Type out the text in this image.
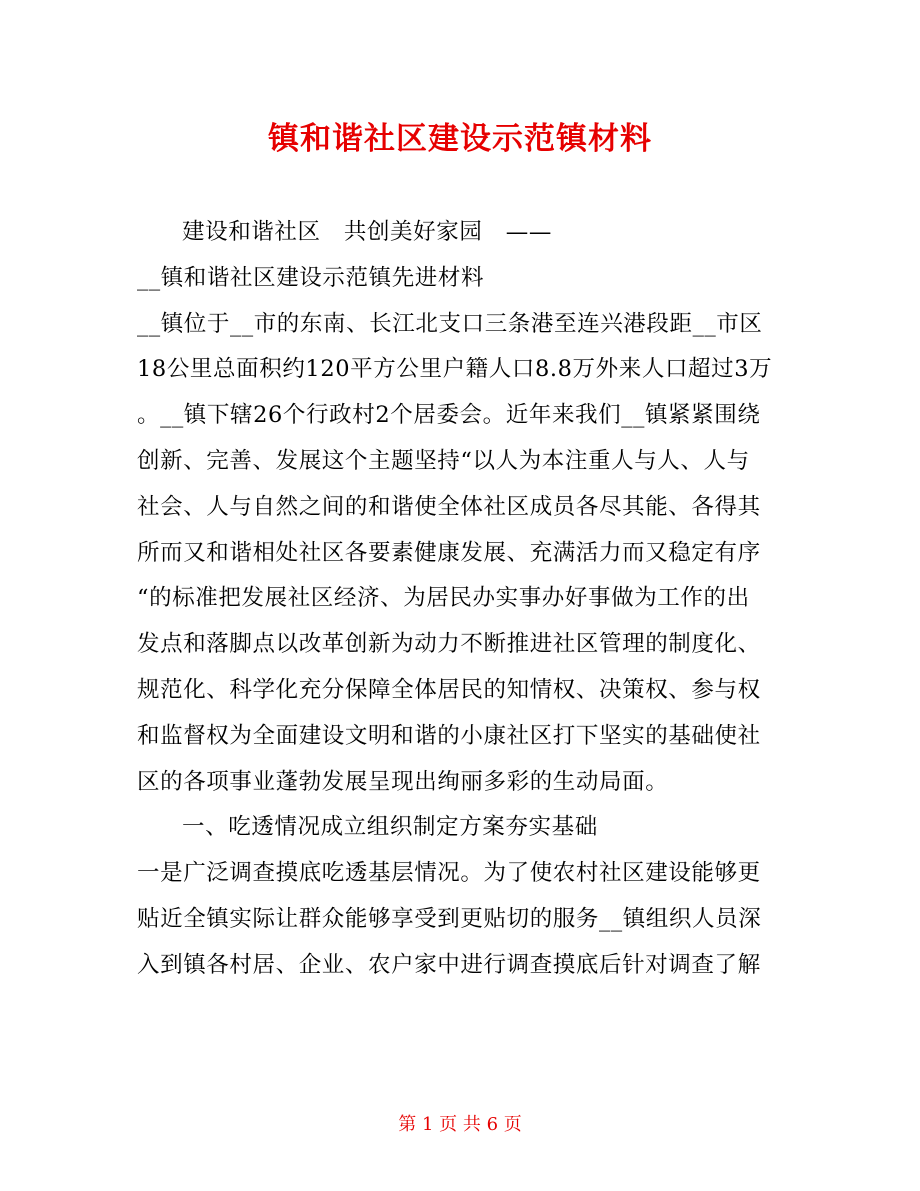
镇和谐社区建设示范镇材料
建设和谐社区   共创美好家园   ——
__镇和谐社区建设示范镇先进材料
__镇位于__市的东南、长江北支口三条港至连兴港段距__市区
18公里总面积约120平方公里户籍人口8.8万外来人口超过3万
。__镇下辖26个行政村2个居委会。近年来我们__镇紧紧围绕
创新、完善、发展这个主题坚持“以人为本注重人与人、人与
社会、人与自然之间的和谐使全体社区成员各尽其能、各得其
所而又和谐相处社区各要素健康发展、充满活力而又稳定有序
“的标准把发展社区经济、为居民办实事办好事做为工作的出
发点和落脚点以改革创新为动力不断推进社区管理的制度化、
规范化、科学化充分保障全体居民的知情权、决策权、参与权
和监督权为全面建设文明和谐的小康社区打下坚实的基础使社
区的各项事业蓬勃发展呈现出绚丽多彩的生动局面。
一、吃透情况成立组织制定方案夯实基础
一是广泛调查摸底吃透基层情况。为了使农村社区建设能够更
贴近全镇实际让群众能够享受到更贴切的服务__镇组织人员深
入到镇各村居、企业、农户家中进行调查摸底后针对调查了解
第 1 页 共 6 页
